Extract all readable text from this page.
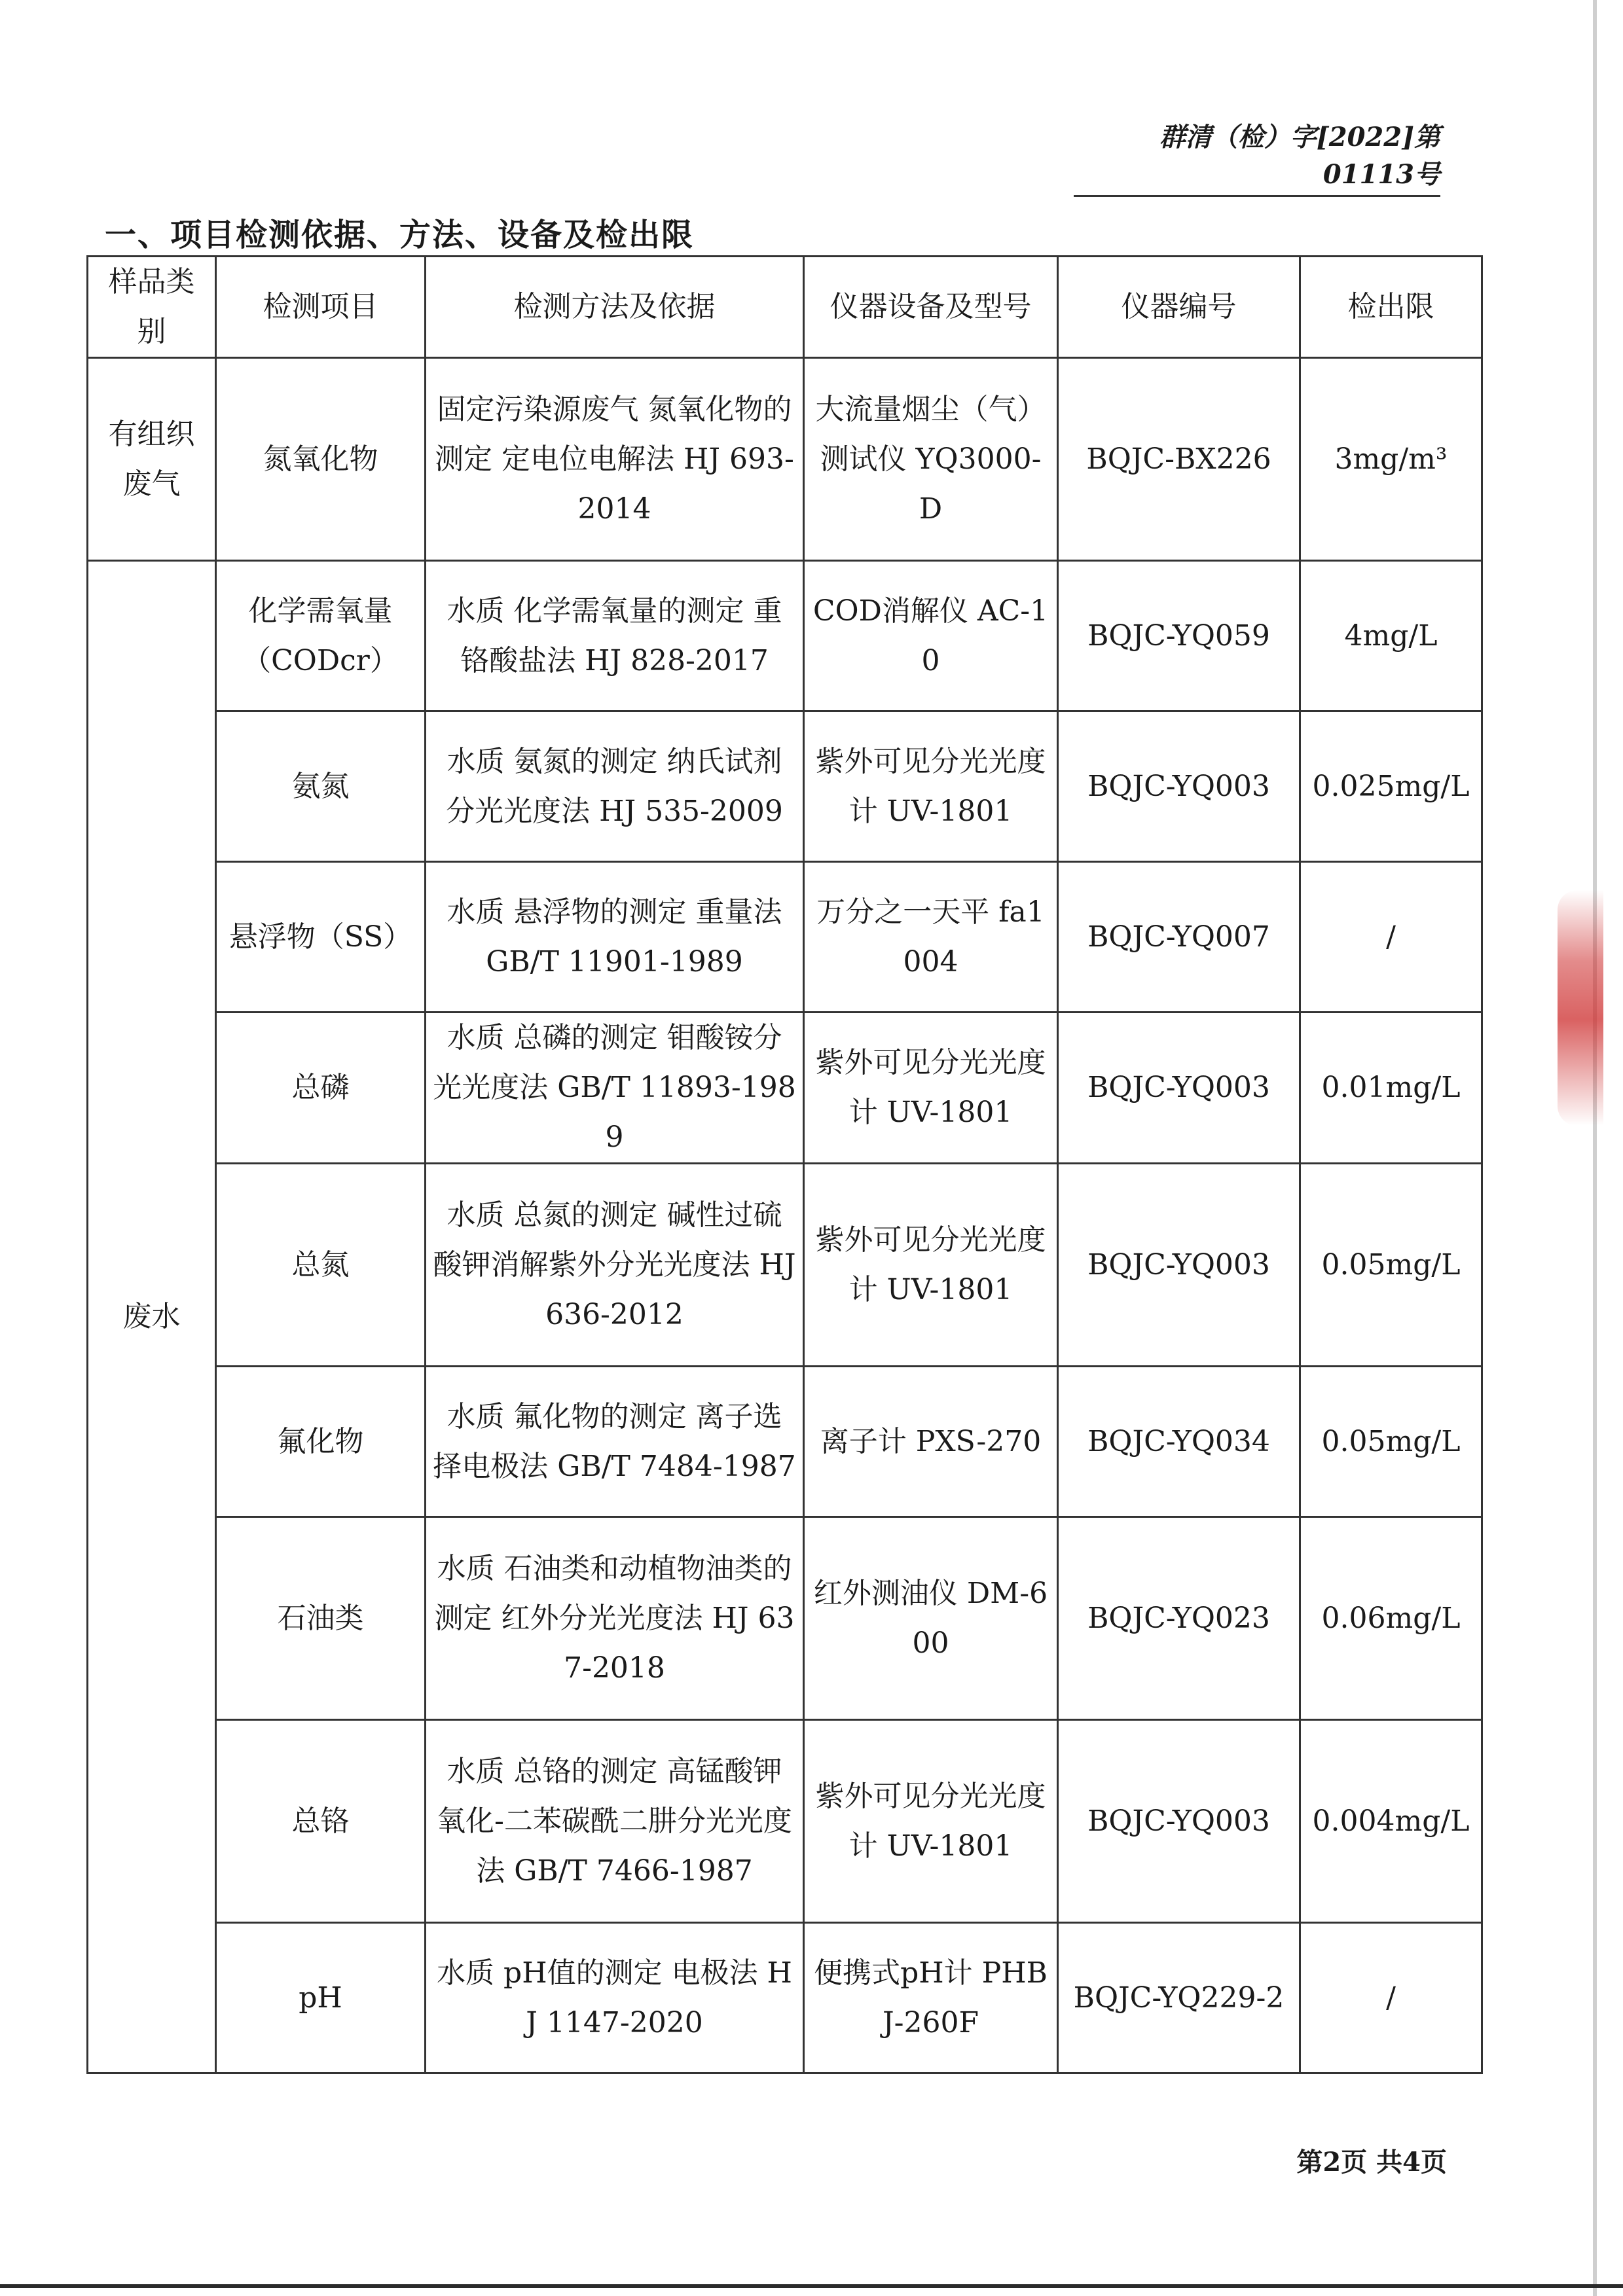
群清（检）字[2022]第01113号
一、项目检测依据、方法、设备及检出限
样品类别	检测项目	检测方法及依据	仪器设备及型号	仪器编号	检出限
有组织废气	氮氧化物	固定污染源废气 氮氧化物的测定 定电位电解法 HJ 693-2014	大流量烟尘（气）测试仪 YQ3000-D	BQJC-BX226	3mg/m³
废水	化学需氧量（CODcr）	水质 化学需氧量的测定 重铬酸盐法 HJ 828-2017	COD消解仪 AC-10	BQJC-YQ059	4mg/L
	氨氮	水质 氨氮的测定 纳氏试剂分光光度法 HJ 535-2009	紫外可见分光光度计 UV-1801	BQJC-YQ003	0.025mg/L
	悬浮物（SS）	水质 悬浮物的测定 重量法 GB/T 11901-1989	万分之一天平 fa1004	BQJC-YQ007	/
	总磷	水质 总磷的测定 钼酸铵分光光度法 GB/T 11893-1989	紫外可见分光光度计 UV-1801	BQJC-YQ003	0.01mg/L
	总氮	水质 总氮的测定 碱性过硫酸钾消解紫外分光光度法 HJ 636-2012	紫外可见分光光度计 UV-1801	BQJC-YQ003	0.05mg/L
	氟化物	水质 氟化物的测定 离子选择电极法 GB/T 7484-1987	离子计 PXS-270	BQJC-YQ034	0.05mg/L
	石油类	水质 石油类和动植物油类的测定 红外分光光度法 HJ 637-2018	红外测油仪 DM-600	BQJC-YQ023	0.06mg/L
	总铬	水质 总铬的测定 高锰酸钾氧化-二苯碳酰二肼分光光度法 GB/T 7466-1987	紫外可见分光光度计 UV-1801	BQJC-YQ003	0.004mg/L
	pH	水质 pH值的测定 电极法 HJ 1147-2020	便携式pH计 PHBJ-260F	BQJC-YQ229-2	/
第2页 共4页
